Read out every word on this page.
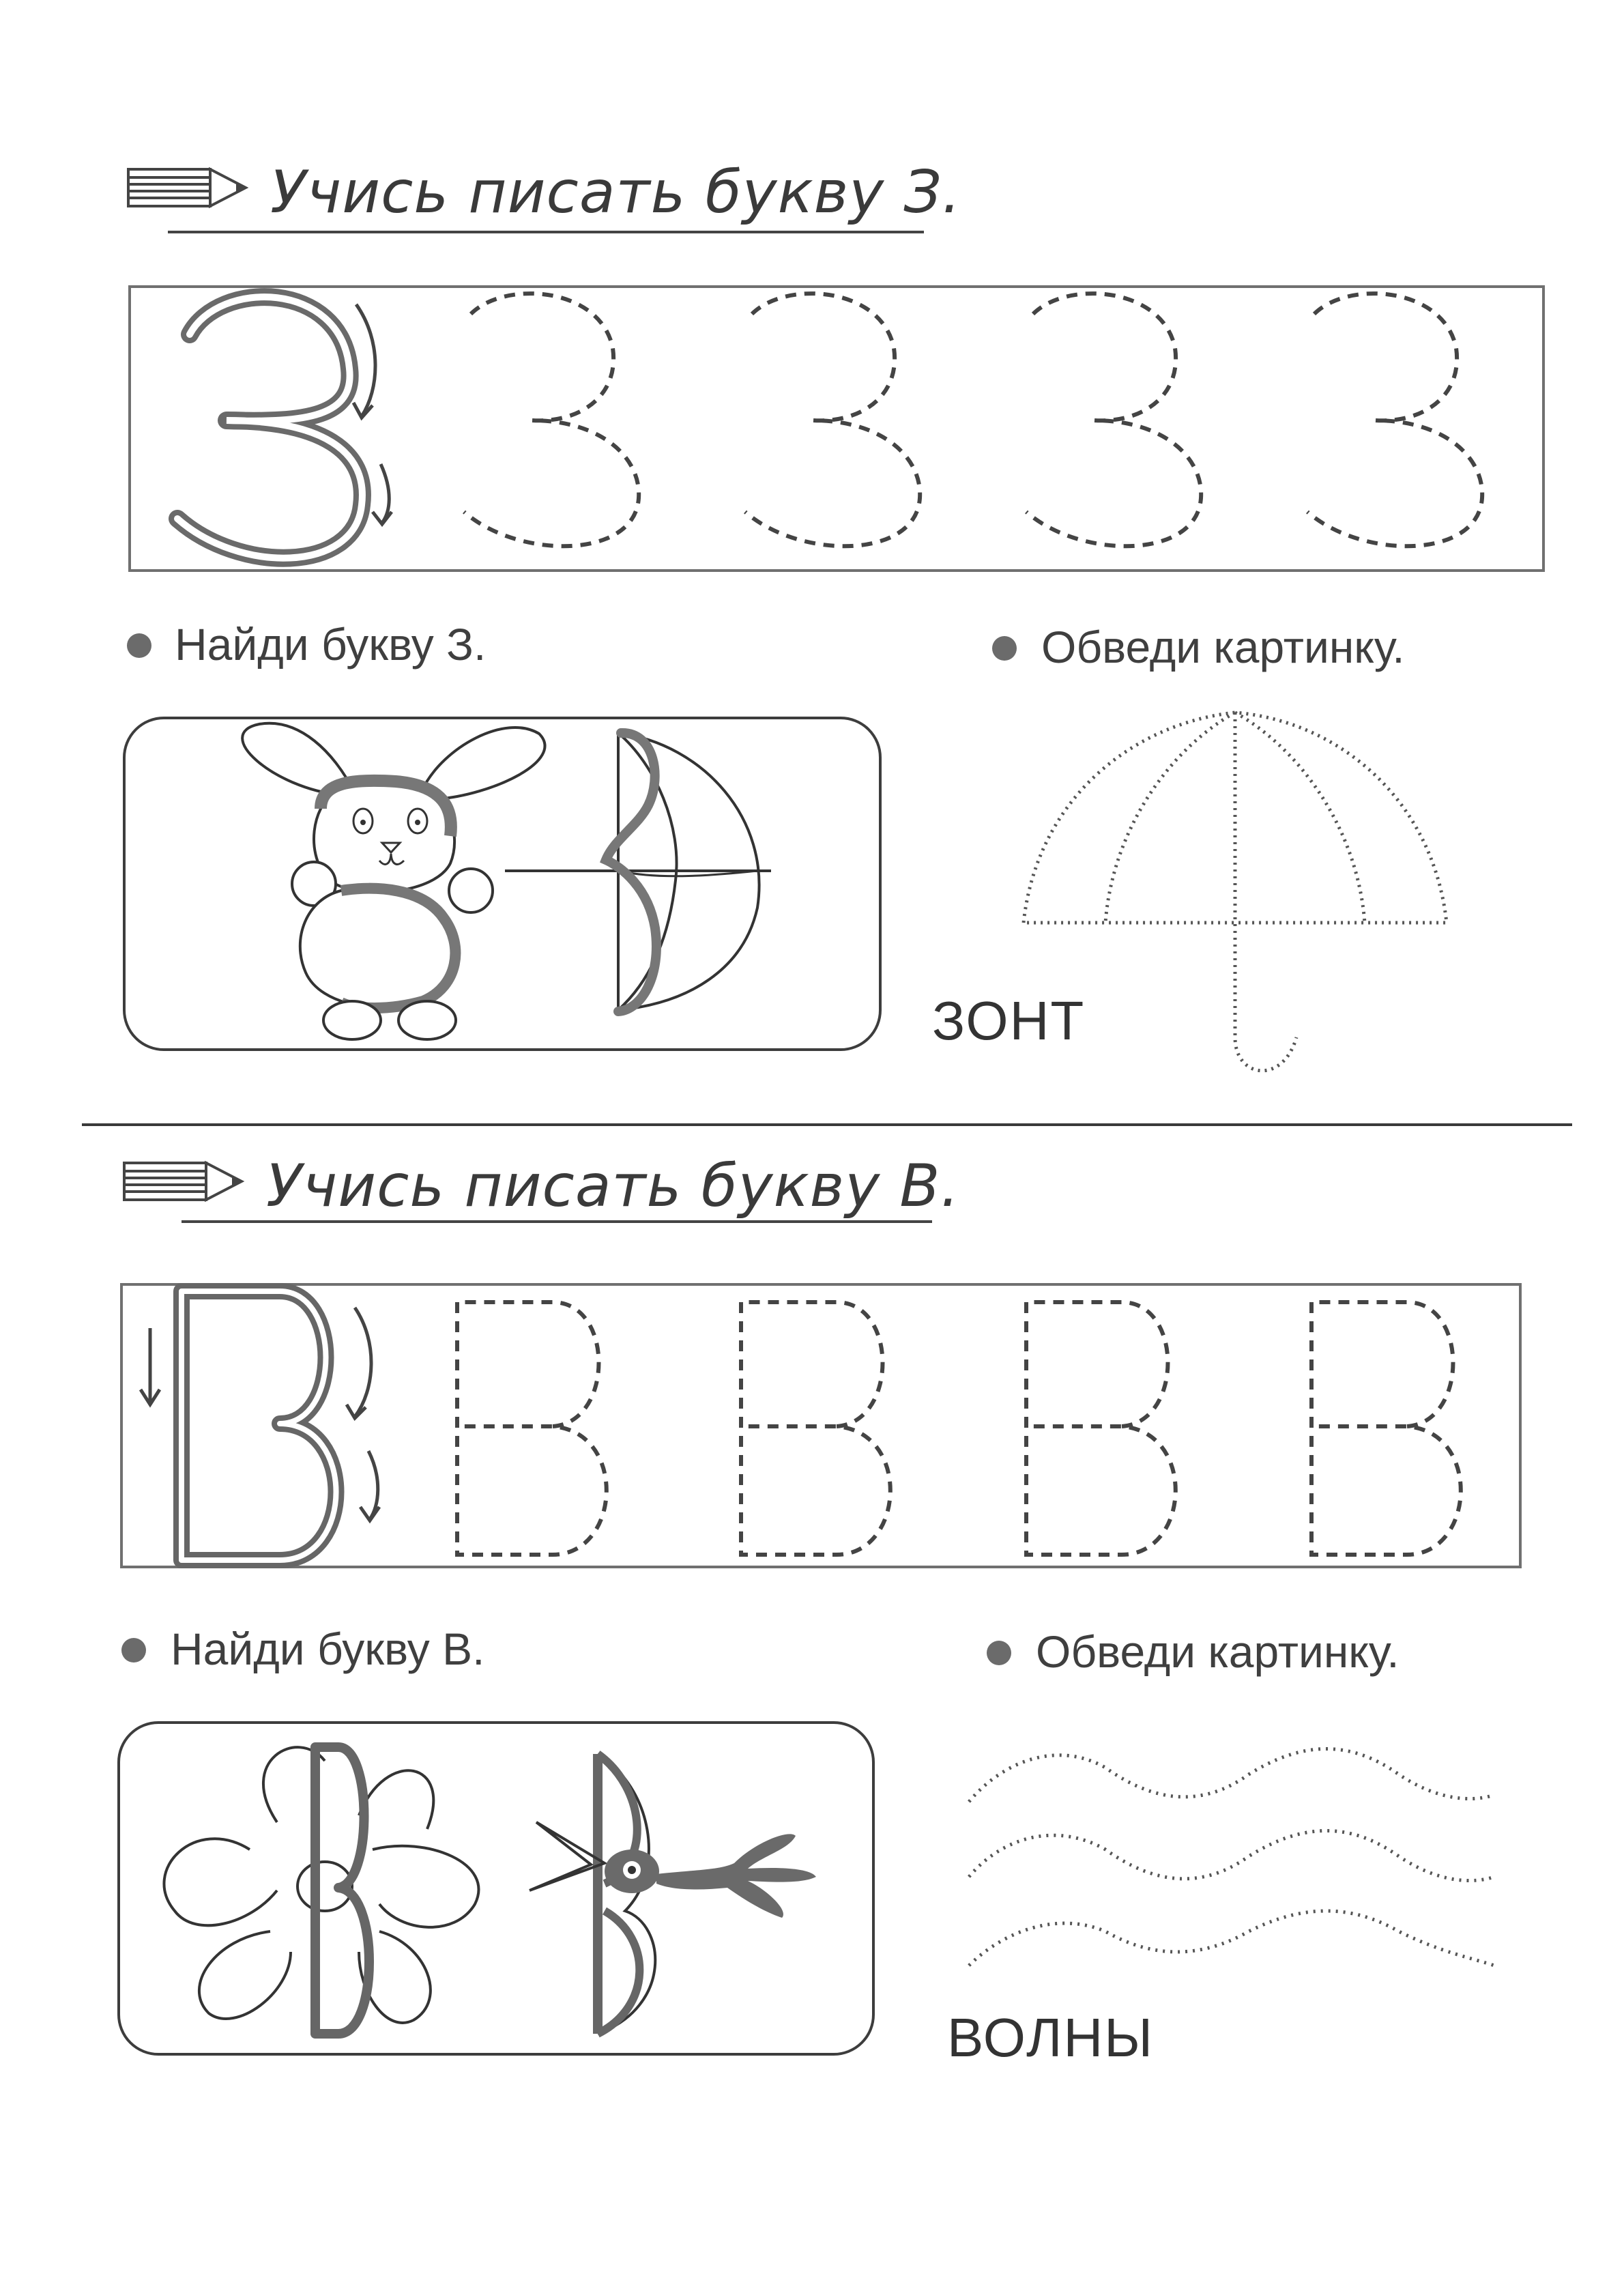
Учись писать букву З.
Найди букву З.	Обведи картинку.
ЗОНТ
Учись писать букву В.
Найди букву В.	Обведи картинку.
ВОЛНЫ
